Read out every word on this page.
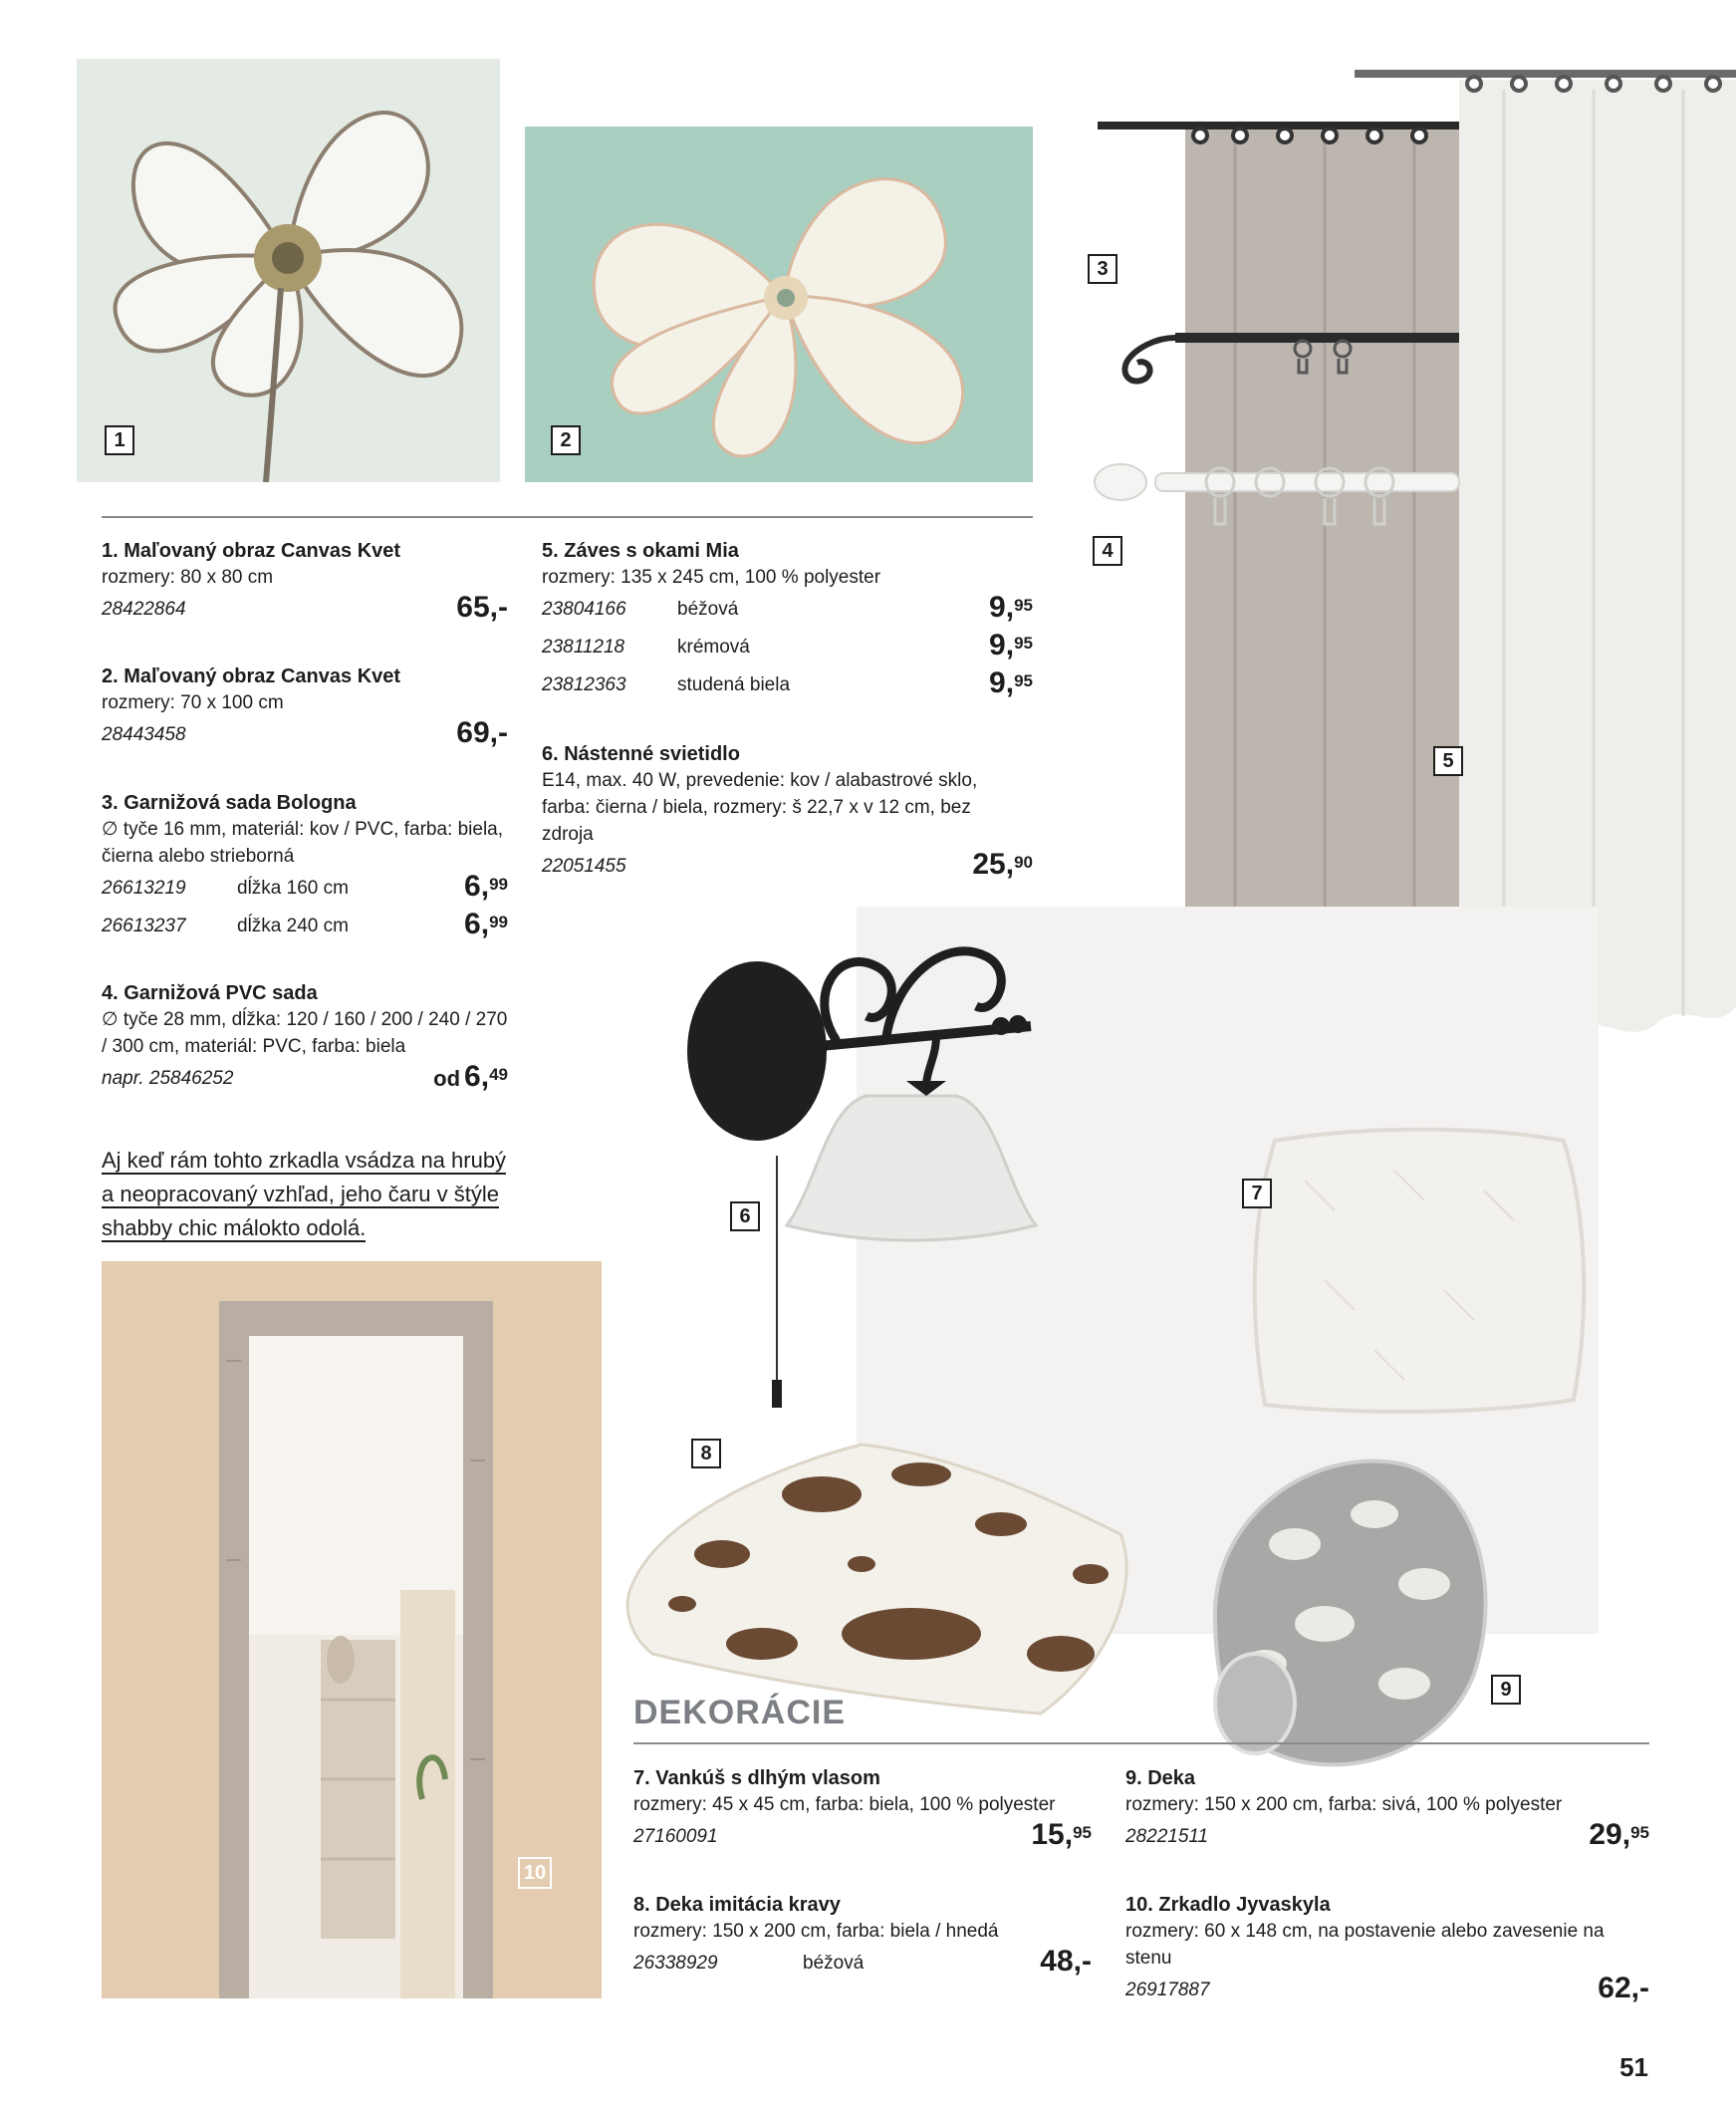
1	2
3
4
5
6
7
8
9
10

1. Maľovaný obraz Canvas Kvet

rozmery: 80 x 80 cm

28422864	65,-

2. Maľovaný obraz Canvas Kvet

rozmery: 70 x 100 cm

28443458	69,-

3. Garnižová sada Bologna

∅ tyče 16 mm, materiál: kov / PVC, farba: biela, čierna alebo strieborná

26613219	dĺžka 160 cm	6,99
26613237	dĺžka 240 cm	6,99

4. Garnižová PVC sada

∅ tyče 28 mm, dĺžka: 120 / 160 / 200 / 240 / 270 / 300 cm, materiál: PVC, farba: biela

napr. 25846252	od 6,49

5. Záves s okami Mia

rozmery: 135 x 245 cm, 100 % polyester

23804166	béžová	9,95
23811218	krémová	9,95
23812363	studená biela	9,95

6. Nástenné svietidlo

E14, max. 40 W, prevedenie: kov / alabastrové sklo, farba: čierna / biela, rozmery: š 22,7 x v 12 cm, bez zdroja

22051455	25,90
Aj keď rám tohto zrkadla vsádza na hrubý a neopracovaný vzhľad, jeho čaru v štýle shabby chic málokto odolá.
DEKORÁCIE

7. Vankúš s dlhým vlasom

rozmery: 45 x 45 cm, farba: biela, 100 % polyester

27160091	15,95

8. Deka imitácia kravy

rozmery: 150 x 200 cm, farba: biela / hnedá

26338929	béžová	48,-

9. Deka

rozmery: 150 x 200 cm, farba: sivá, 100 % polyester

28221511	29,95

10. Zrkadlo Jyvaskyla

rozmery: 60 x 148 cm, na postavenie alebo zavesenie na stenu

26917887	62,-
51
